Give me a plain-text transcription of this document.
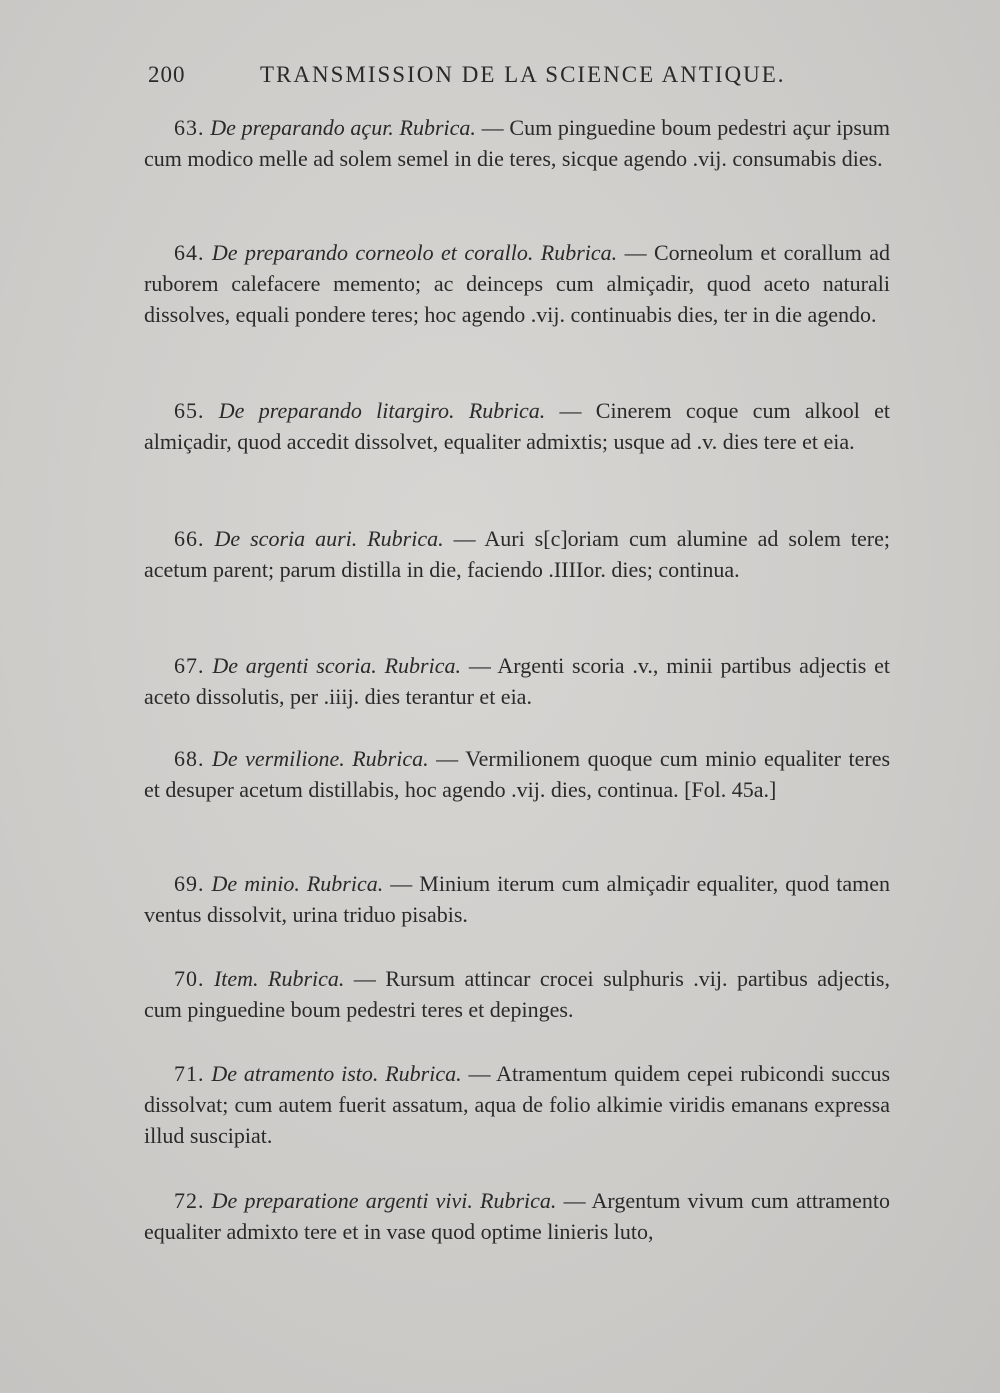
200	TRANSMISSION DE LA SCIENCE ANTIQUE.

63. De preparando açur. Rubrica. — Cum pinguedine boum pedestri açur ipsum cum modico melle ad solem semel in die teres, sicque agendo .vij. consumabis dies.

64. De preparando corneolo et corallo. Rubrica. — Corneolum et corallum ad ruborem calefacere memento; ac deinceps cum almiçadir, quod aceto naturali dissolves, equali pondere teres; hoc agendo .vij. continuabis dies, ter in die agendo.

65. De preparando litargiro. Rubrica. — Cinerem coque cum alkool et almiçadir, quod accedit dissolvet, equaliter admixtis; usque ad .v. dies tere et eia.

66. De scoria auri. Rubrica. — Auri s[c]oriam cum alumine ad solem tere; acetum parent; parum distilla in die, faciendo .IIIIor. dies; continua.

67. De argenti scoria. Rubrica. — Argenti scoria .v., minii partibus adjectis et aceto dissolutis, per .iiij. dies terantur et eia.

68. De vermilione. Rubrica. — Vermilionem quoque cum minio equaliter teres et desuper acetum distillabis, hoc agendo .vij. dies, continua. [Fol. 45a.]

69. De minio. Rubrica. — Minium iterum cum almiçadir equaliter, quod tamen ventus dissolvit, urina triduo pisabis.

70. Item. Rubrica. — Rursum attincar crocei sulphuris .vij. partibus adjectis, cum pinguedine boum pedestri teres et depinges.

71. De atramento isto. Rubrica. — Atramentum quidem cepei rubicondi succus dissolvat; cum autem fuerit assatum, aqua de folio alkimie viridis emanans expressa illud suscipiat.

72. De preparatione argenti vivi. Rubrica. — Argentum vivum cum attramento equaliter admixto tere et in vase quod optime linieris luto,
